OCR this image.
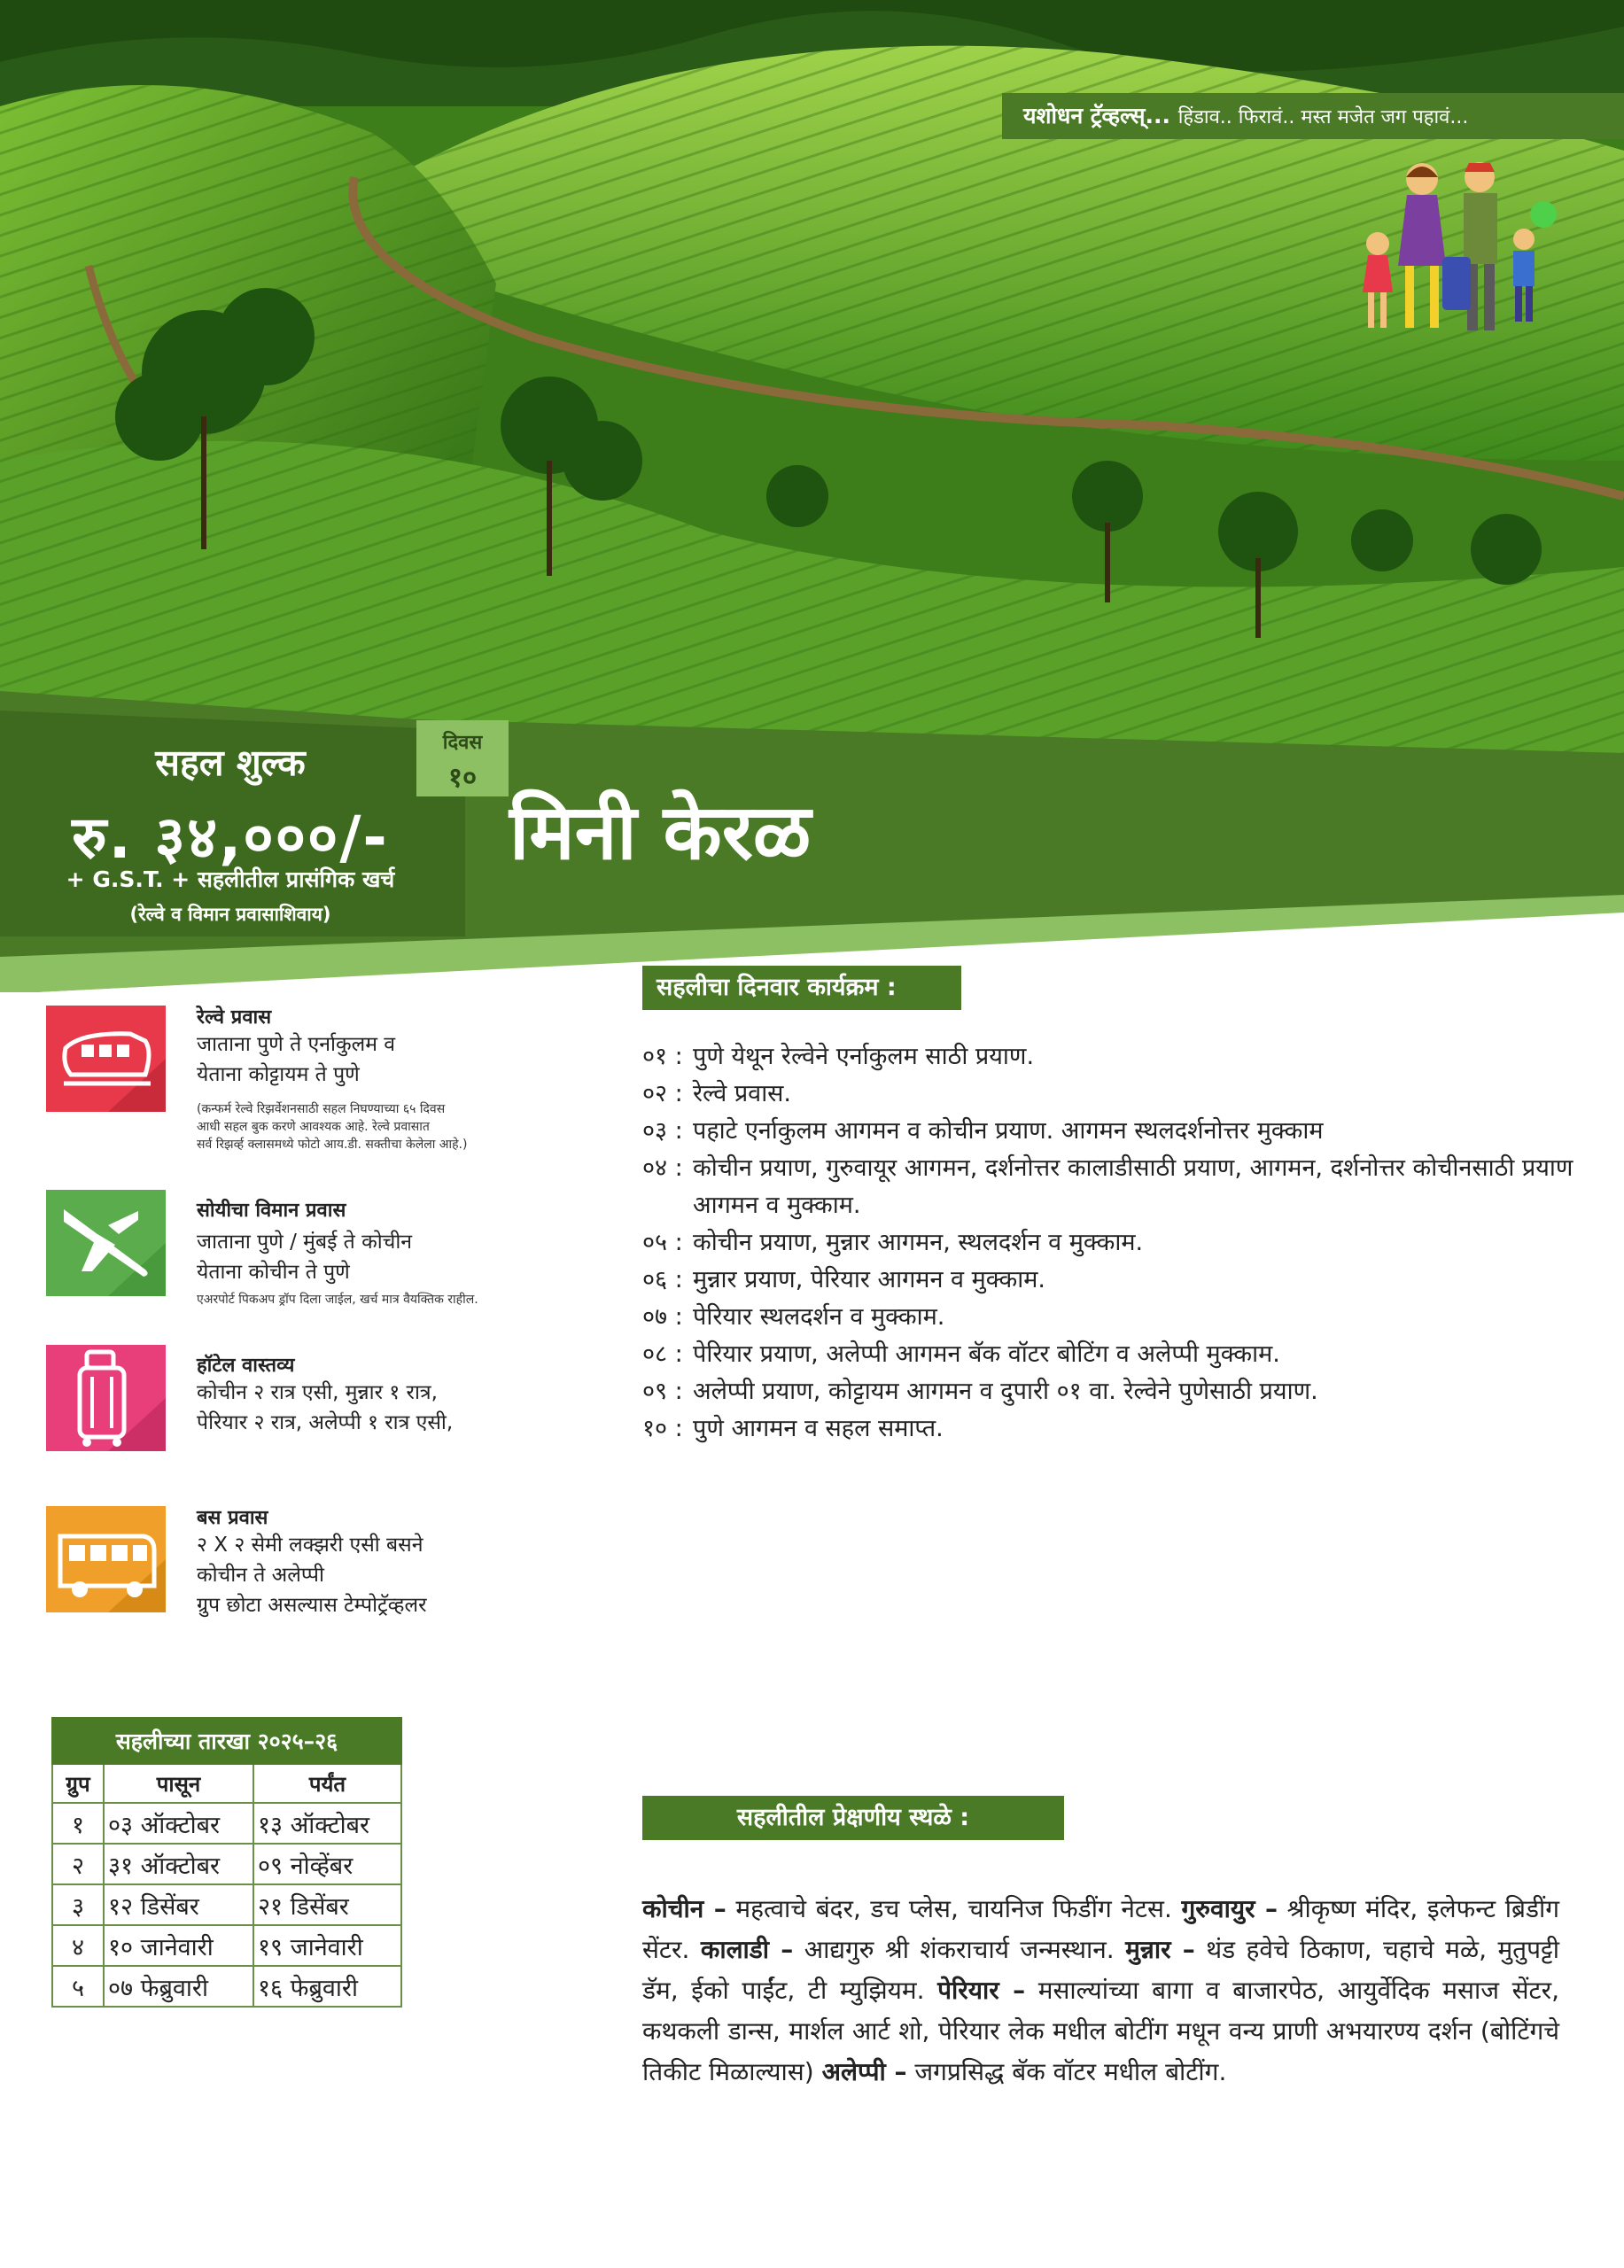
यशोधन ट्रॅव्हल्स्... हिंडाव.. फिरावं.. मस्त मजेत जग पहावं...
सहल शुल्क
रु. ३४,०००/-
+ G.S.T. + सहलीतील प्रासंगिक खर्च
(रेल्वे व विमान प्रवासाशिवाय)
दिवस
१०
मिनी केरळ
रेल्वे प्रवास
जाताना पुणे ते एर्नाकुलम व
येताना कोट्टायम ते पुणे
(कन्फर्म रेल्वे रिझर्वेशनसाठी सहल निघण्याच्या ६५ दिवस
आधी सहल बुक करणे आवश्यक आहे. रेल्वे प्रवासात
सर्व रिझर्व्ह क्लासमध्ये फोटो आय.डी. सक्तीचा केलेला आहे.)
सोयीचा विमान प्रवास
जाताना पुणे / मुंबई ते कोचीन
येताना कोचीन ते पुणे
एअरपोर्ट पिकअप ड्रॉप दिला जाईल, खर्च मात्र वैयक्तिक राहील.
हॉटेल वास्तव्य
कोचीन २ रात्र एसी, मुन्नार १ रात्र,
पेरियार २ रात्र, अलेप्पी १ रात्र एसी,
बस प्रवास
२ X २ सेमी लक्झरी एसी बसने
कोचीन ते अलेप्पी
ग्रुप छोटा असल्यास टेम्पोट्रॅव्हलर
सहलीचा दिनवार कार्यक्रम :
०१ : पुणे येथून रेल्वेने एर्नाकुलम साठी प्रयाण.
०२ : रेल्वे प्रवास.
०३ : पहाटे एर्नाकुलम आगमन व कोचीन प्रयाण. आगमन स्थलदर्शनोत्तर मुक्काम
०४ : कोचीन प्रयाण, गुरुवायूर आगमन, दर्शनोत्तर कालाडीसाठी प्रयाण, आगमन, दर्शनोत्तर कोचीनसाठी प्रयाण आगमन व मुक्काम.
०५ : कोचीन प्रयाण, मुन्नार आगमन, स्थलदर्शन व मुक्काम.
०६ : मुन्नार प्रयाण, पेरियार आगमन व मुक्काम.
०७ : पेरियार स्थलदर्शन व मुक्काम.
०८ : पेरियार प्रयाण, अलेप्पी आगमन बॅक वॉटर बोटिंग व अलेप्पी मुक्काम.
०९ : अलेप्पी प्रयाण, कोट्टायम आगमन व दुपारी ०१ वा. रेल्वेने पुणेसाठी प्रयाण.
१० : पुणे आगमन व सहल समाप्त.
सहलीच्या तारखा २०२५–२६		
ग्रुप	पासून	पर्यंत
१	०३ ऑक्टोबर	१३ ऑक्टोबर
२	३१ ऑक्टोबर	०९ नोव्हेंबर
३	१२ डिसेंबर	२१ डिसेंबर
४	१० जानेवारी	१९ जानेवारी
५	०७ फेब्रुवारी	१६ फेब्रुवारी
सहलीतील प्रेक्षणीय स्थळे :
कोचीन – महत्वाचे बंदर, डच प्लेस, चायनिज फिडींग नेटस. गुरुवायुर – श्रीकृष्ण मंदिर, इलेफन्ट ब्रिडींग सेंटर. कालाडी – आद्यगुरु श्री शंकराचार्य जन्मस्थान. मुन्नार – थंड हवेचे ठिकाण, चहाचे मळे, मुतुपट्टी डॅम, ईको पाईंट, टी म्युझियम. पेरियार – मसाल्यांच्या बागा व बाजारपेठ, आयुर्वेदिक मसाज सेंटर, कथकली डान्स, मार्शल आर्ट शो, पेरियार लेक मधील बोटींग मधून वन्य प्राणी अभयारण्य दर्शन (बोटिंगचे तिकीट मिळाल्यास) अलेप्पी – जगप्रसिद्ध बॅक वॉटर मधील बोटींग.
